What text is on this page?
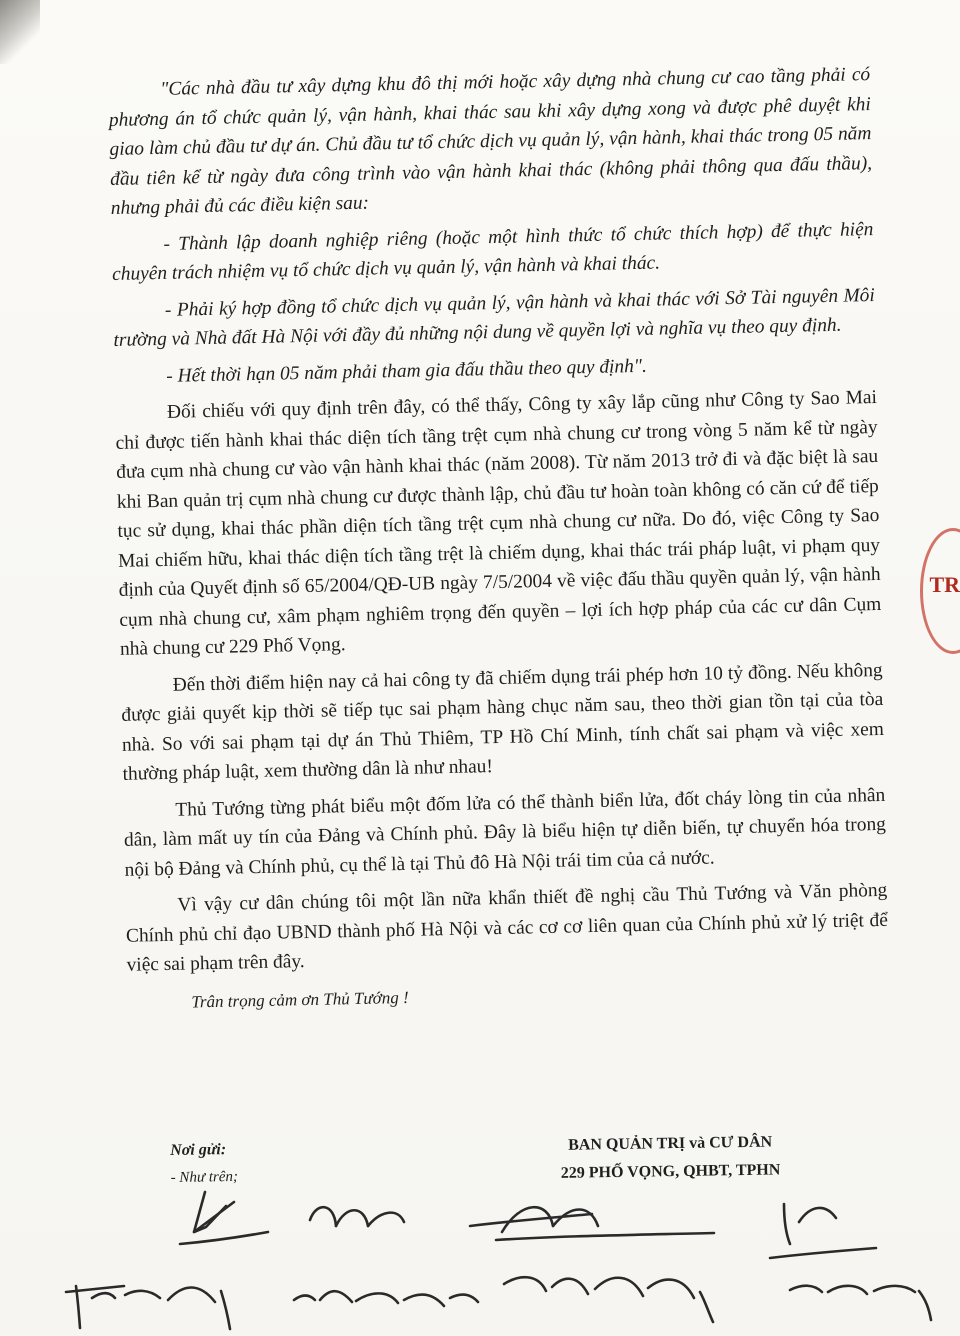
"Các nhà đầu tư xây dựng khu đô thị mới hoặc xây dựng nhà chung cư cao tầng phải có phương án tổ chức quản lý, vận hành, khai thác sau khi xây dựng xong và được phê duyệt khi giao làm chủ đầu tư dự án. Chủ đầu tư tổ chức dịch vụ quản lý, vận hành, khai thác trong 05 năm đầu tiên kể từ ngày đưa công trình vào vận hành khai thác (không phải thông qua đấu thầu), nhưng phải đủ các điều kiện sau:

- Thành lập doanh nghiệp riêng (hoặc một hình thức tổ chức thích hợp) để thực hiện chuyên trách nhiệm vụ tổ chức dịch vụ quản lý, vận hành và khai thác.

- Phải ký hợp đồng tổ chức dịch vụ quản lý, vận hành và khai thác với Sở Tài nguyên Môi trường và Nhà đất Hà Nội với đầy đủ những nội dung về quyền lợi và nghĩa vụ theo quy định.

- Hết thời hạn 05 năm phải tham gia đấu thầu theo quy định".

Đối chiếu với quy định trên đây, có thể thấy, Công ty xây lắp cũng như Công ty Sao Mai chỉ được tiến hành khai thác diện tích tầng trệt cụm nhà chung cư trong vòng 5 năm kể từ ngày đưa cụm nhà chung cư vào vận hành khai thác (năm 2008). Từ năm 2013 trở đi và đặc biệt là sau khi Ban quản trị cụm nhà chung cư được thành lập, chủ đầu tư hoàn toàn không có căn cứ để tiếp tục sử dụng, khai thác phần diện tích tầng trệt cụm nhà chung cư nữa. Do đó, việc Công ty Sao Mai chiếm hữu, khai thác diện tích tầng trệt là chiếm dụng, khai thác trái pháp luật, vi phạm quy định của Quyết định số 65/2004/QĐ-UB ngày 7/5/2004 về việc đấu thầu quyền quản lý, vận hành cụm nhà chung cư, xâm phạm nghiêm trọng đến quyền – lợi ích hợp pháp của các cư dân Cụm nhà chung cư 229 Phố Vọng.

Đến thời điểm hiện nay cả hai công ty đã chiếm dụng trái phép hơn 10 tỷ đồng. Nếu không được giải quyết kịp thời sẽ tiếp tục sai phạm hàng chục năm sau, theo thời gian tồn tại của tòa nhà. So với sai phạm tại dự án Thủ Thiêm, TP Hồ Chí Minh, tính chất sai phạm và việc xem thường pháp luật, xem thường dân là như nhau!

Thủ Tướng từng phát biểu một đốm lửa có thể thành biển lửa, đốt cháy lòng tin của nhân dân, làm mất uy tín của Đảng và Chính phủ. Đây là biểu hiện tự diễn biến, tự chuyển hóa trong nội bộ Đảng và Chính phủ, cụ thể là tại Thủ đô Hà Nội trái tim của cả nước.

Vì vậy cư dân chúng tôi một lần nữa khẩn thiết đề nghị cầu Thủ Tướng và Văn phòng Chính phủ chỉ đạo UBND thành phố Hà Nội và các cơ cơ liên quan của Chính phủ xử lý triệt để việc sai phạm trên đây.

Trân trọng cảm ơn Thủ Tướng !
Nơi gửi:
- Như trên;
BAN QUẢN TRỊ và CƯ DÂN
229 PHỐ VỌNG, QHBT, TPHN
TR
